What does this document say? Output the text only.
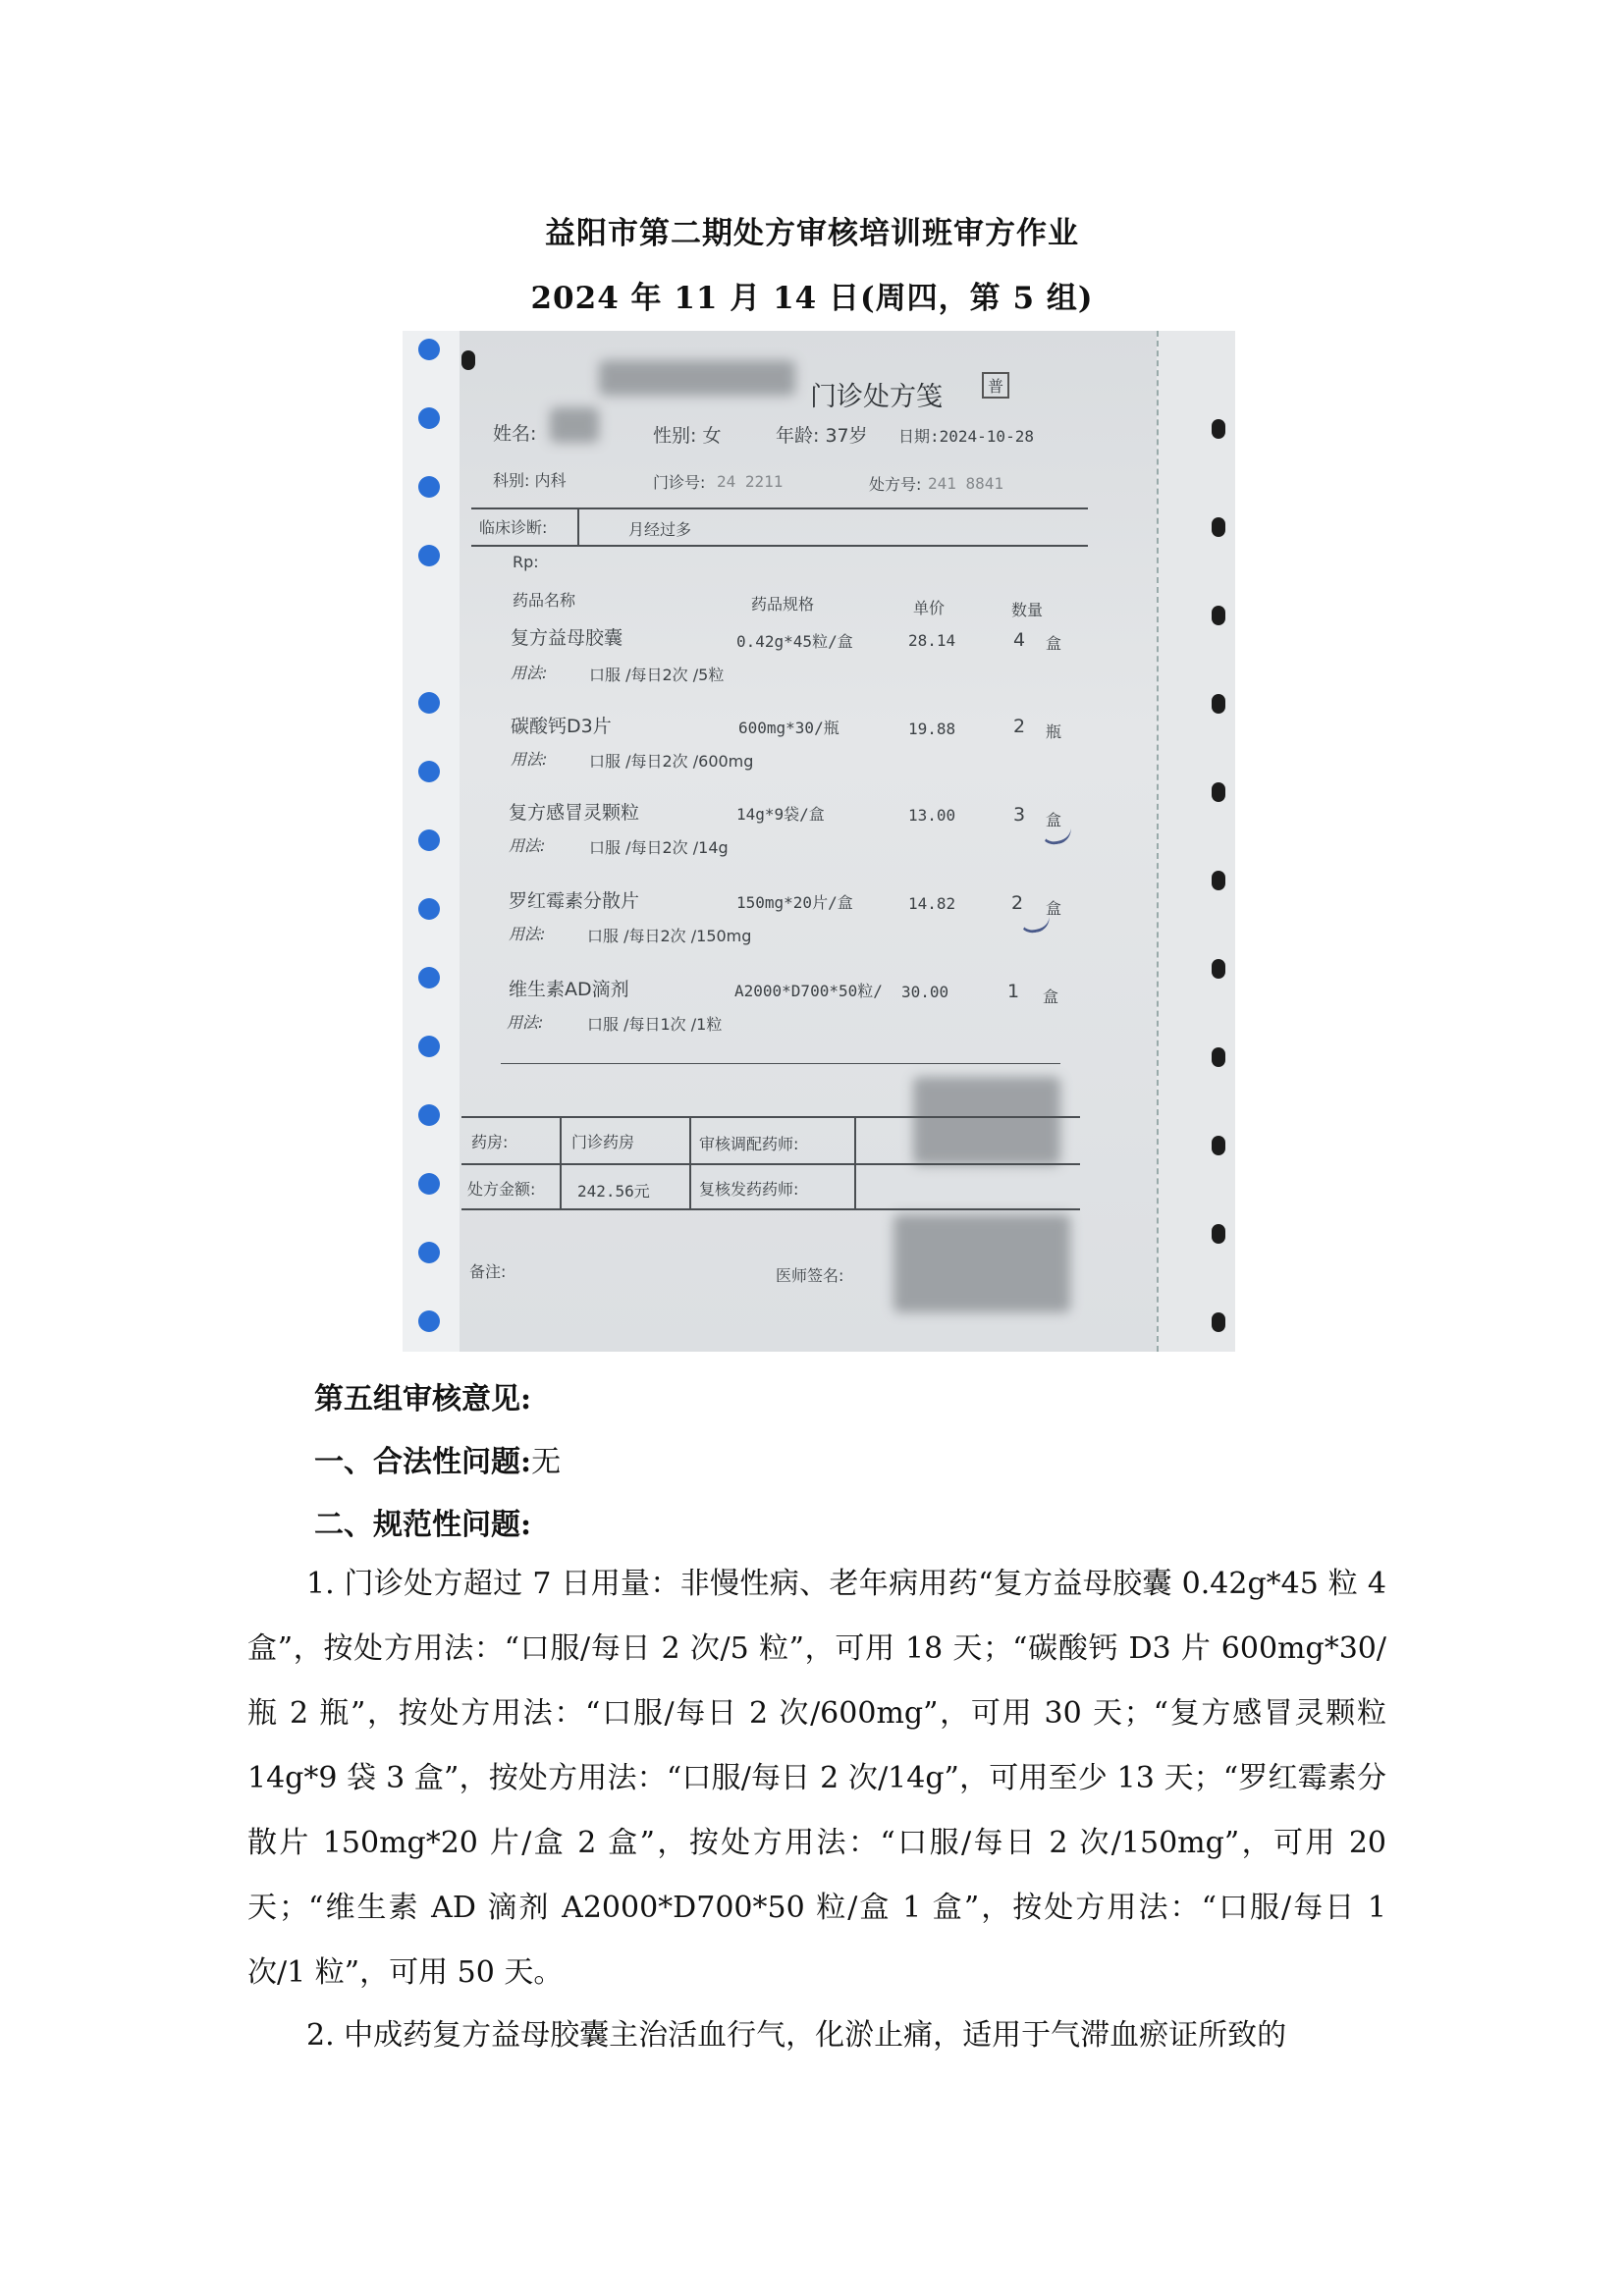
益阳市第二期处方审核培训班审方作业
2024 年 11 月 14 日(周四，第 5 组)
门诊处方笺	普
姓名:	性别: 女	年龄: 37岁 日期:2024-10-28
科别: 内科	门诊号: 24 2211	处方号: 241 8841
临床诊断:	月经过多
Rp:
药品名称	药品规格	单价	数量
复方益母胶囊	0.42g*45粒/盒	28.14	4 盒
用法:	口服 /每日2次 /5粒
碳酸钙D3片	600mg*30/瓶	19.88	2 瓶
用法:	口服 /每日2次 /600mg
复方感冒灵颗粒	14g*9袋/盒	13.00	3 盒
用法:	口服 /每日2次 /14g
罗红霉素分散片	150mg*20片/盒	14.82	2 盒
用法:	口服 /每日2次 /150mg
维生素AD滴剂	A2000*D700*50粒/ 30.00	1 盒
用法:	口服 /每日1次 /1粒
药房:	门诊药房	审核调配药师:
处方金额:	242.56元	复核发药药师:
备注:	医师签名:

第五组审核意见:

一、合法性问题:无

二、规范性问题:

1. 门诊处方超过 7 日用量：非慢性病、老年病用药“复方益母胶囊 0.42g*45 粒 4 盒”，按处方用法：“口服/每日 2 次/5 粒”，可用 18 天；“碳酸钙 D3 片 600mg*30/瓶 2 瓶”，按处方用法：“口服/每日 2 次/600mg”，可用 30 天；“复方感冒灵颗粒 14g*9 袋 3 盒”，按处方用法：“口服/每日 2 次/14g”，可用至少 13 天；“罗红霉素分散片 150mg*20 片/盒 2 盒”，按处方用法：“口服/每日 2 次/150mg”，可用 20 天；“维生素 AD 滴剂 A2000*D700*50 粒/盒 1 盒”，按处方用法：“口服/每日 1 次/1 粒”，可用 50 天。

2. 中成药复方益母胶囊主治活血行气，化淤止痛，适用于气滞血瘀证所致的
